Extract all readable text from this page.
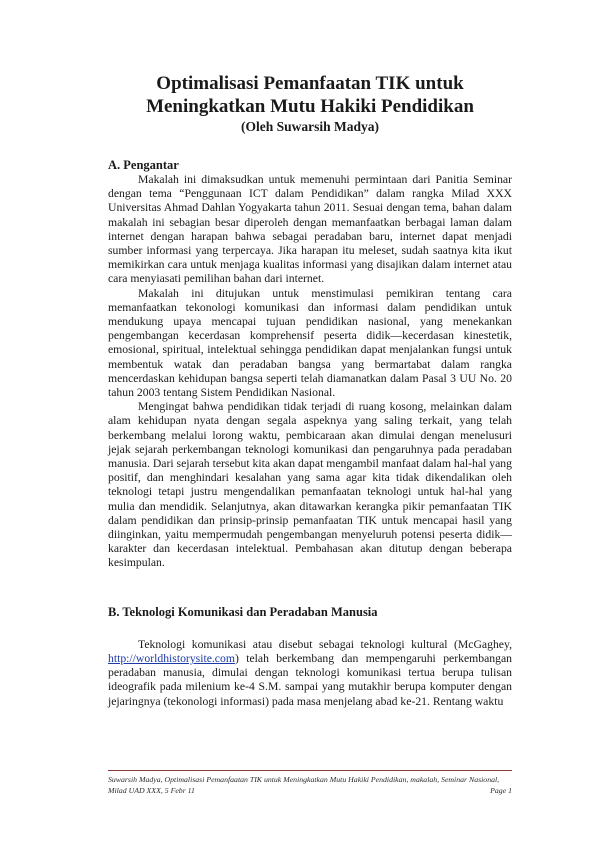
Optimalisasi Pemanfaatan TIK untuk
Meningkatkan Mutu Hakiki Pendidikan
(Oleh Suwarsih Madya)
A. Pengantar

Makalah ini dimaksudkan untuk memenuhi permintaan dari Panitia Seminar dengan tema “Penggunaan ICT dalam Pendidikan” dalam rangka Milad XXX Universitas Ahmad Dahlan Yogyakarta tahun 2011. Sesuai dengan tema, bahan dalam makalah ini sebagian besar diperoleh dengan memanfaatkan berbagai laman dalam internet dengan harapan bahwa sebagai peradaban baru, internet dapat menjadi sumber informasi yang terpercaya. Jika harapan itu meleset, sudah saatnya kita ikut memikirkan cara untuk menjaga kualitas informasi yang disajikan dalam internet atau cara menyiasati pemilihan bahan dari internet.

Makalah ini ditujukan untuk menstimulasi pemikiran tentang cara memanfaatkan tekonologi komunikasi dan informasi dalam pendidikan untuk mendukung upaya mencapai tujuan pendidikan nasional, yang menekankan pengembangan kecerdasan komprehensif peserta didik—kecerdasan kinestetik, emosional, spiritual, intelektual sehingga pendidikan dapat menjalankan fungsi untuk membentuk watak dan peradaban bangsa yang bermartabat dalam rangka mencerdaskan kehidupan bangsa seperti telah diamanatkan dalam Pasal 3 UU No. 20 tahun 2003 tentang Sistem Pendidikan Nasional.

Mengingat bahwa pendidikan tidak terjadi di ruang kosong, melainkan dalam alam kehidupan nyata dengan segala aspeknya yang saling terkait, yang telah berkembang melalui lorong waktu, pembicaraan akan dimulai dengan menelusuri jejak sejarah perkembangan teknologi komunikasi dan pengaruhnya pada peradaban manusia. Dari sejarah tersebut kita akan dapat mengambil manfaat dalam hal-hal yang positif, dan menghindari kesalahan yang sama agar kita tidak dikendalikan oleh teknologi tetapi justru mengendalikan pemanfaatan teknologi untuk hal-hal yang mulia dan mendidik. Selanjutnya, akan ditawarkan kerangka pikir pemanfaatan TIK dalam pendidikan dan prinsip-prinsip pemanfaatan TIK untuk mencapai hasil yang diinginkan, yaitu mempermudah pengembangan menyeluruh potensi peserta didik—karakter dan kecerdasan intelektual. Pembahasan akan ditutup dengan beberapa kesimpulan.

B. Teknologi Komunikasi dan Peradaban Manusia

Teknologi komunikasi atau disebut sebagai teknologi kultural (McGaghey, http://worldhistorysite.com) telah berkembang dan mempengaruhi perkembangan peradaban manusia, dimulai dengan teknologi komunikasi tertua berupa tulisan ideografik pada milenium ke-4 S.M. sampai yang mutakhir berupa komputer dengan jejaringnya (tekonologi informasi) pada masa menjelang abad ke-21. Rentang waktu

Suwarsih Madya, Optimalisasi Pemanfaatan TIK untuk Meningkatkan Mutu Hakiki Pendidikan, makalah, Seminar Nasional,
Milad UAD XXX, 5 Febr 11	Page 1
